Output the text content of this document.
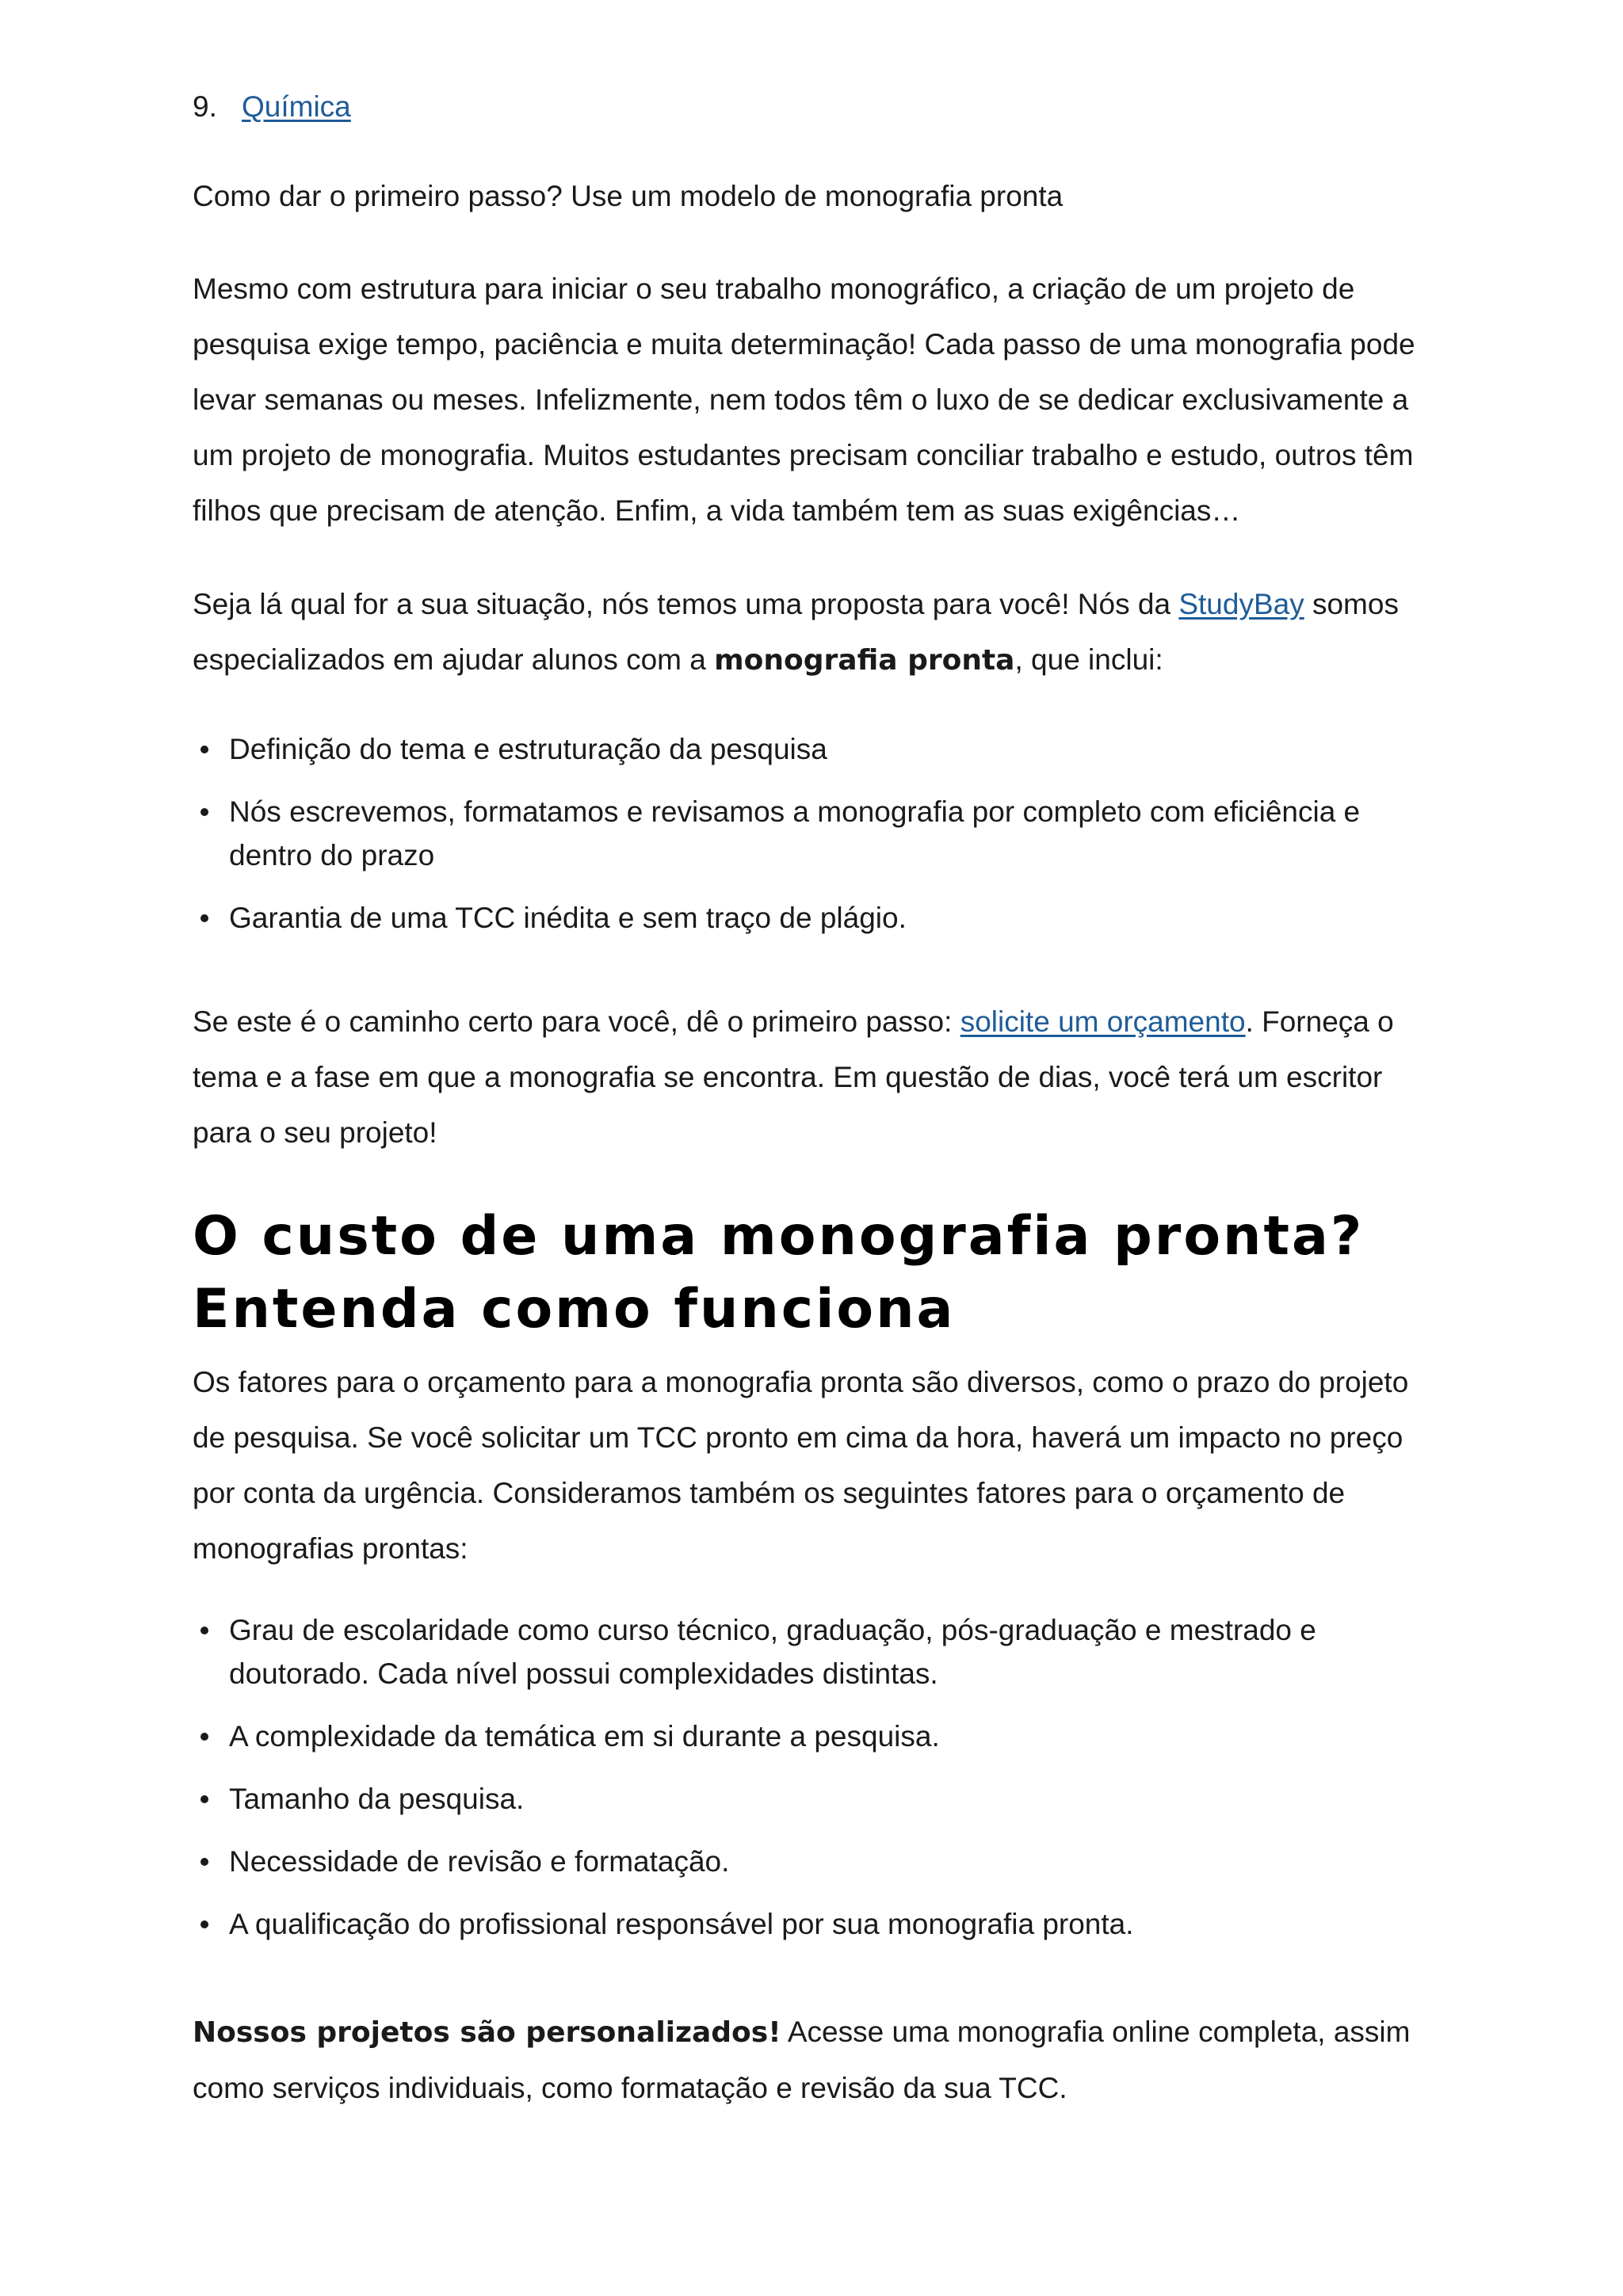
9. Química

Como dar o primeiro passo? Use um modelo de monografia pronta

Mesmo com estrutura para iniciar o seu trabalho monográfico, a criação de um projeto de pesquisa exige tempo, paciência e muita determinação! Cada passo de uma monografia pode levar semanas ou meses. Infelizmente, nem todos têm o luxo de se dedicar exclusivamente a um projeto de monografia. Muitos estudantes precisam conciliar trabalho e estudo, outros têm filhos que precisam de atenção. Enfim, a vida também tem as suas exigências…

Seja lá qual for a sua situação, nós temos uma proposta para você! Nós da StudyBay somos especializados em ajudar alunos com a monografia pronta, que inclui:

Definição do tema e estruturação da pesquisa
Nós escrevemos, formatamos e revisamos a monografia por completo com eficiência e dentro do prazo
Garantia de uma TCC inédita e sem traço de plágio.

Se este é o caminho certo para você, dê o primeiro passo: solicite um orçamento. Forneça o tema e a fase em que a monografia se encontra. Em questão de dias, você terá um escritor para o seu projeto!

O custo de uma monografia pronta?
Entenda como funciona

Os fatores para o orçamento para a monografia pronta são diversos, como o prazo do projeto de pesquisa. Se você solicitar um TCC pronto em cima da hora, haverá um impacto no preço por conta da urgência. Consideramos também os seguintes fatores para o orçamento de monografias prontas:

Grau de escolaridade como curso técnico, graduação, pós-graduação e mestrado e doutorado. Cada nível possui complexidades distintas.
A complexidade da temática em si durante a pesquisa.
Tamanho da pesquisa.
Necessidade de revisão e formatação.
A qualificação do profissional responsável por sua monografia pronta.

Nossos projetos são personalizados! Acesse uma monografia online completa, assim como serviços individuais, como formatação e revisão da sua TCC.
